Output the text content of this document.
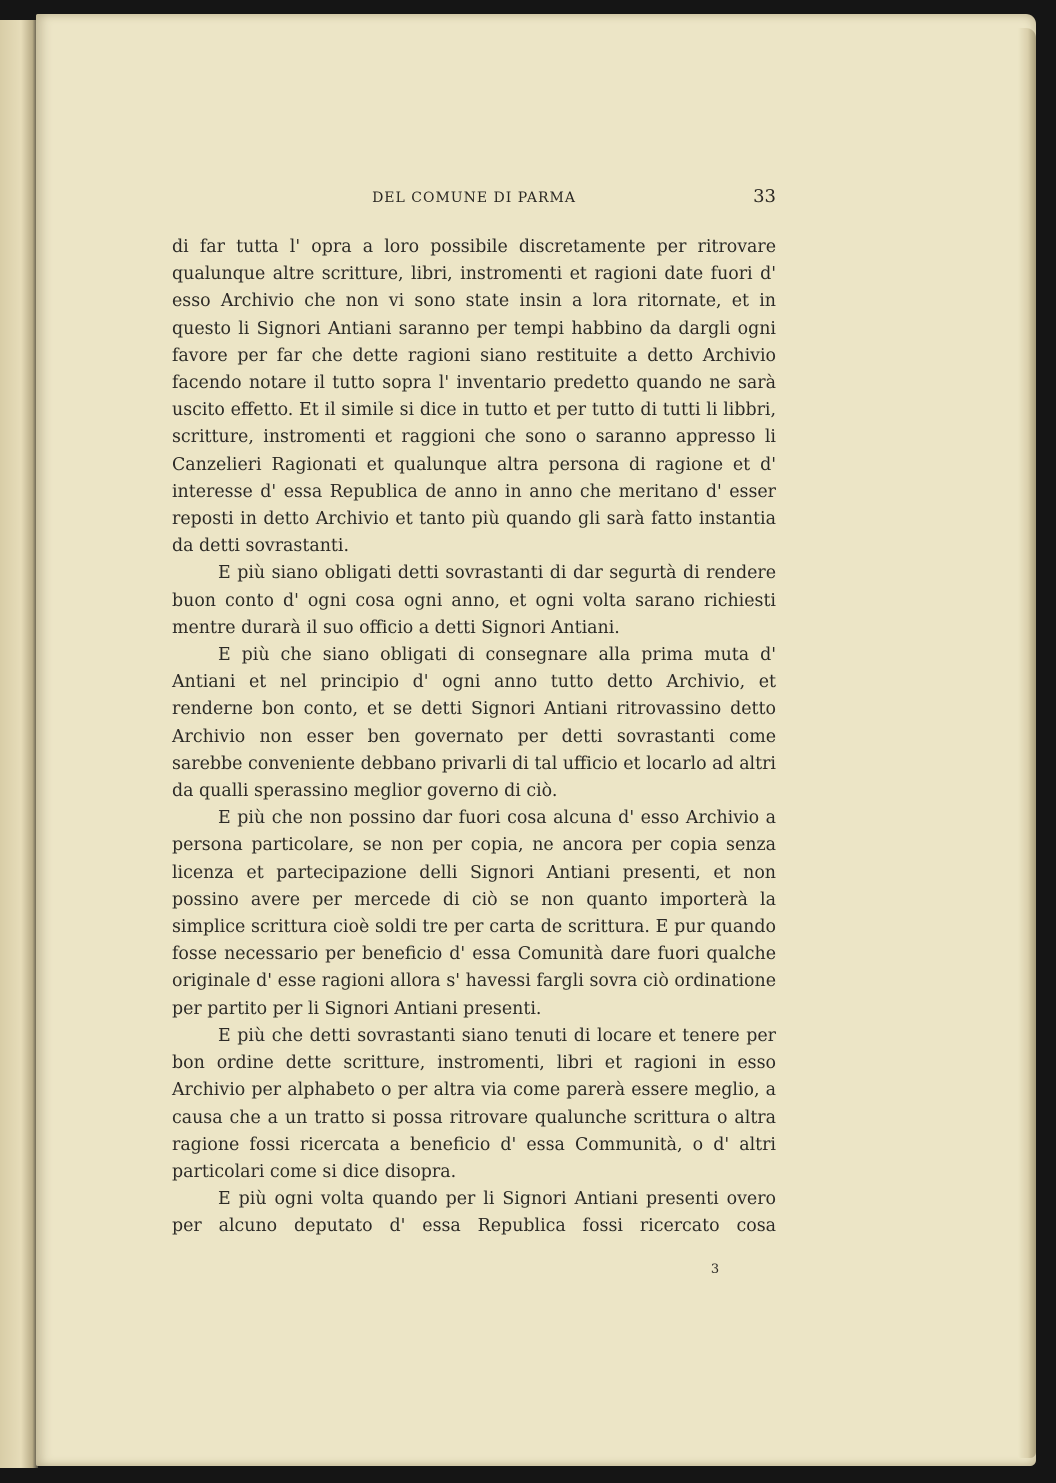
DEL COMUNE DI PARMA	33

di far tutta l' opra a loro possibile discretamente per ritrovare qualunque altre scritture, libri, instromenti et ragioni date fuori d' esso Archivio che non vi sono state insin a lora ritornate, et in questo li Signori Antiani saranno per tempi habbino da dargli ogni favore per far che dette ragioni siano restituite a detto Archivio facendo notare il tutto sopra l' inventario predetto quando ne sarà uscito effetto. Et il simile si dice in tutto et per tutto di tutti li libbri, scritture, instromenti et raggioni che sono o saranno appresso li Canzelieri Ragionati et qualunque altra persona di ragione et d' interesse d' essa Republica de anno in anno che meritano d' esser reposti in detto Archivio et tanto più quando gli sarà fatto instantia da detti sovrastanti.

E più siano obligati detti sovrastanti di dar segurtà di rendere buon conto d' ogni cosa ogni anno, et ogni volta sarano richiesti mentre durarà il suo officio a detti Signori Antiani.

E più che siano obligati di consegnare alla prima muta d' Antiani et nel principio d' ogni anno tutto detto Archivio, et renderne bon conto, et se detti Signori Antiani ritrovassino detto Archivio non esser ben governato per detti sovrastanti come sarebbe conveniente debbano privarli di tal ufficio et locarlo ad altri da qualli sperassino meglior governo di ciò.

E più che non possino dar fuori cosa alcuna d' esso Archivio a persona particolare, se non per copia, ne ancora per copia senza licenza et partecipazione delli Signori Antiani presenti, et non possino avere per mercede di ciò se non quanto importerà la simplice scrittura cioè soldi tre per carta de scrittura. E pur quando fosse necessario per beneficio d' essa Comunità dare fuori qualche originale d' esse ragioni allora s' havessi fargli sovra ciò ordinatione per partito per li Signori Antiani presenti.

E più che detti sovrastanti siano tenuti di locare et tenere per bon ordine dette scritture, instromenti, libri et ragioni in esso Archivio per alphabeto o per altra via come parerà essere meglio, a causa che a un tratto si possa ritrovare qualunche scrittura o altra ragione fossi ricercata a beneficio d' essa Communità, o d' altri particolari come si dice disopra.

E più ogni volta quando per li Signori Antiani presenti overo per alcuno deputato d' essa Republica fossi ricercato cosa

3
